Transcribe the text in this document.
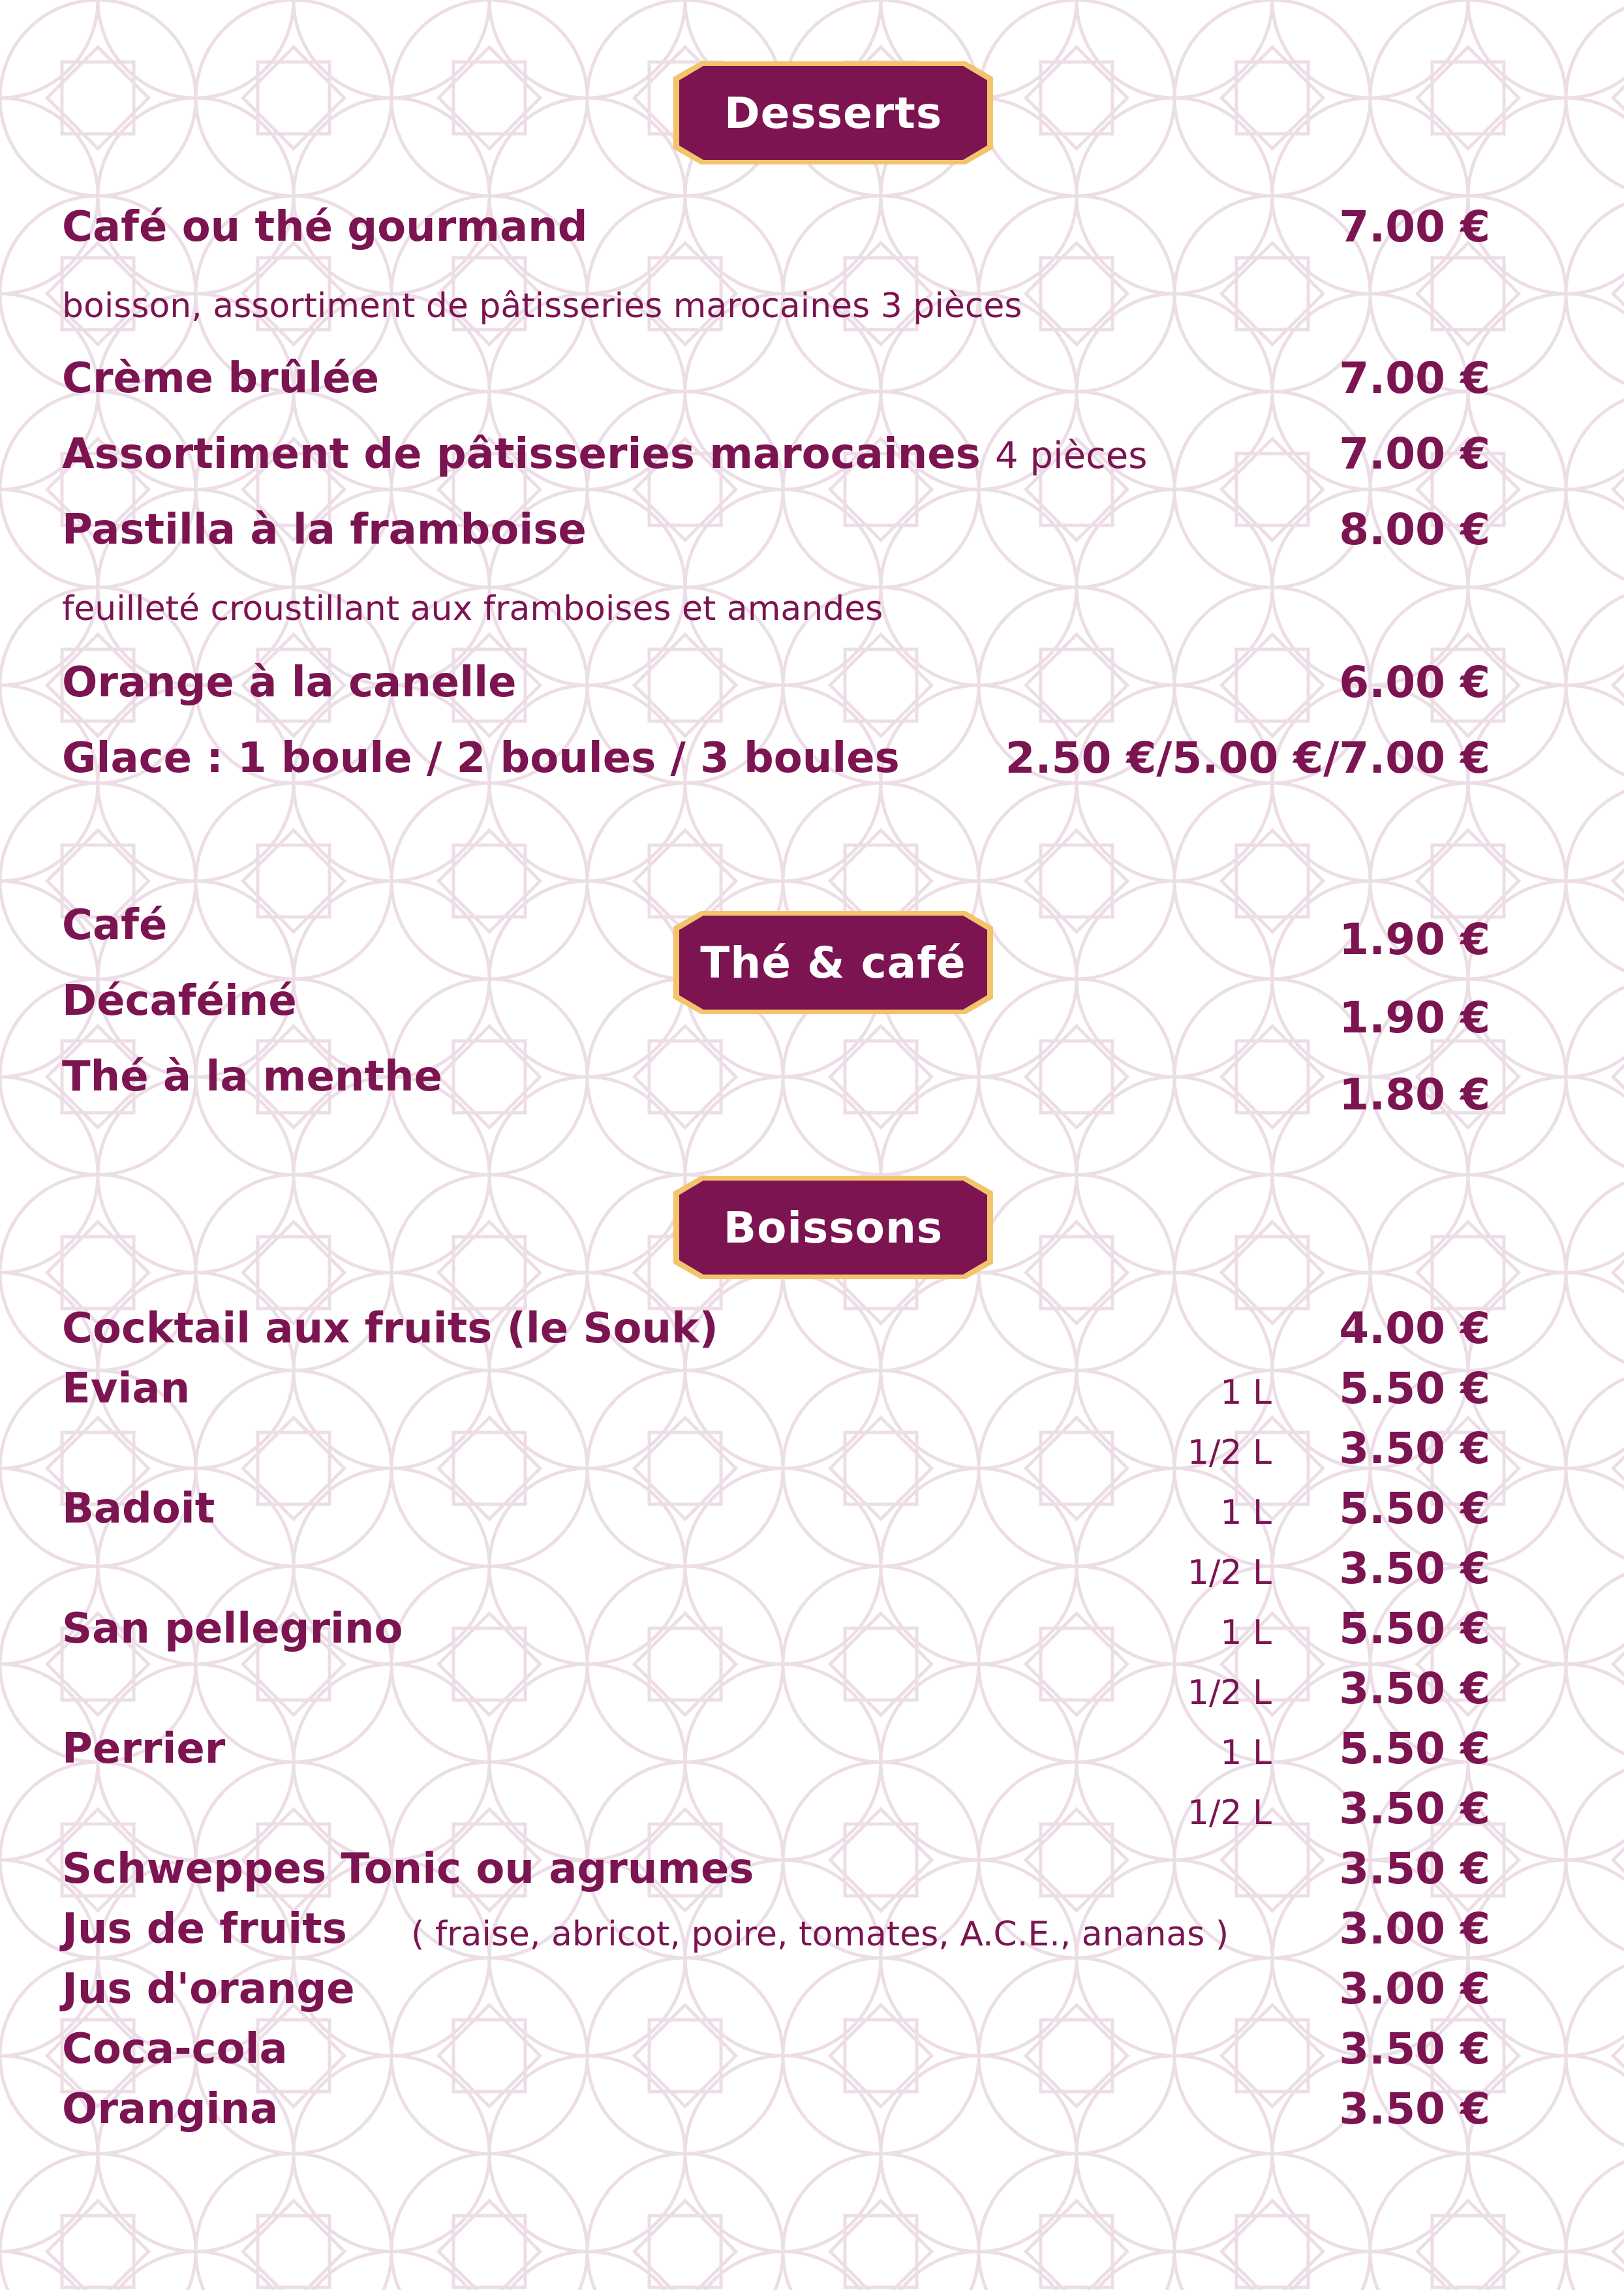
Desserts
Café ou thé gourmand	7.00 €
boisson, assortiment de pâtisseries marocaines 3 pièces
Crème brûlée	7.00 €
Assortiment de pâtisseries marocaines 4 pièces	7.00 €
Pastilla à la framboise	8.00 €
feuilleté croustillant aux framboises et amandes
Orange à la canelle	6.00 €
Glace : 1 boule / 2 boules / 3 boules 2.50 €/5.00 €/7.00 €
Thé & café
Café	1.90 €
Décaféiné	1.90 €
Thé à la menthe	1.80 €
Boissons
Cocktail aux fruits (le Souk)	4.00 €
Evian	1 L 5.50 €
1/2 L 3.50 €
Badoit	1 L 5.50 €
1/2 L 3.50 €
San pellegrino	1 L 5.50 €
1/2 L 3.50 €
Perrier	1 L 5.50 €
1/2 L 3.50 €
Schweppes Tonic ou agrumes	3.50 €
Jus de fruits ( fraise, abricot, poire, tomates, A.C.E., ananas )	3.00 €
Jus d'orange	3.00 €
Coca-cola	3.50 €
Orangina	3.50 €
